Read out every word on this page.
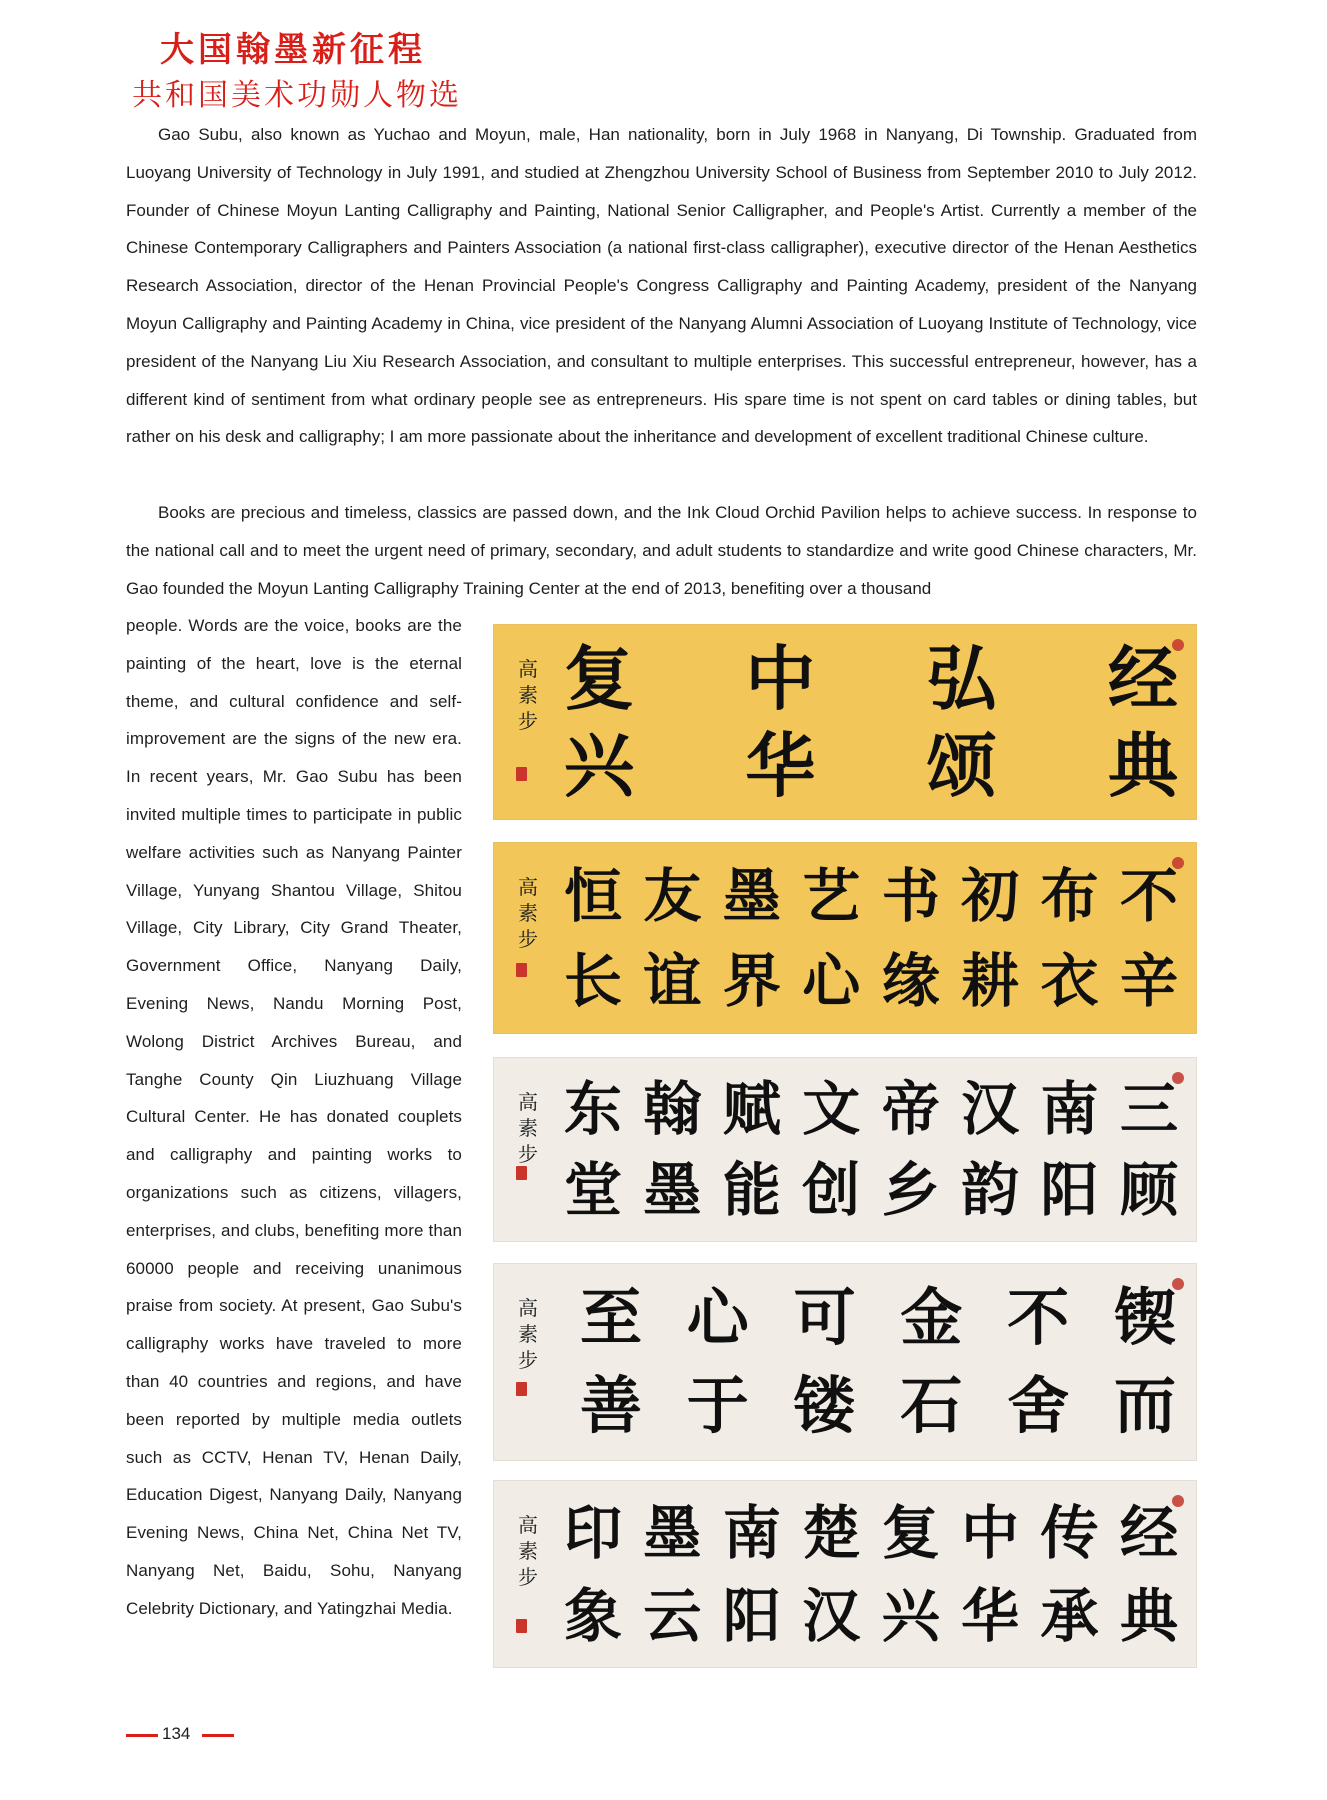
大国翰墨新征程
共和国美术功勋人物选

Gao Subu, also known as Yuchao and Moyun, male, Han nationality, born in July 1968 in Nanyang, Di Township. Graduated from Luoyang University of Technology in July 1991, and studied at Zhengzhou University School of Business from September 2010 to July 2012. Founder of Chinese Moyun Lanting Calligraphy and Painting, National Senior Calligrapher, and People's Artist. Currently a member of the Chinese Contemporary Calligraphers and Painters Association (a national first-class calligrapher), executive director of the Henan Aesthetics Research Association, director of the Henan Provincial People's Congress Calligraphy and Painting Academy, president of the Nanyang Moyun Calligraphy and Painting Academy in China, vice president of the Nanyang Alumni Association of Luoyang Institute of Technology, vice president of the Nanyang Liu Xiu Research Association, and consultant to multiple enterprises. This successful entrepreneur, however, has a different kind of sentiment from what ordinary people see as entrepreneurs. His spare time is not spent on card tables or dining tables, but rather on his desk and calligraphy; I am more passionate about the inheritance and development of excellent traditional Chinese culture.

Books are precious and timeless, classics are passed down, and the Ink Cloud Orchid Pavilion helps to achieve success. In response to the national call and to meet the urgent need of primary, secondary, and adult students to standardize and write good Chinese characters, Mr. Gao founded the Moyun Lanting Calligraphy Training Center at the end of 2013, benefiting over a thousand

people. Words are the voice, books are the painting of the heart, love is the eternal theme, and cultural confidence and self-improvement are the signs of the new era. In recent years, Mr. Gao Subu has been invited multiple times to participate in public welfare activities such as Nanyang Painter Village, Yunyang Shantou Village, Shitou Village, City Library, City Grand Theater, Government Office, Nanyang Daily, Evening News, Nandu Morning Post, Wolong District Archives Bureau, and Tanghe County Qin Liuzhuang Village Cultural Center. He has donated couplets and calligraphy and painting works to organizations such as citizens, villagers, enterprises, and clubs, benefiting more than 60000 people and receiving unanimous praise from society. At present, Gao Subu's calligraphy works have traveled to more than 40 countries and regions, and have been reported by multiple media outlets such as CCTV, Henan TV, Henan Daily, Education Digest, Nanyang Daily, Nanyang Evening News, China Net, China Net TV, Nanyang Net, Baidu, Sohu, Nanyang Celebrity Dictionary, and Yatingzhai Media.

经
典
弘
颂
中
华
复
兴
高
素
步
不
辛
布
衣
初
耕
书
缘
艺
心
墨
界
友
谊
恒
长
高
素
步
三
顾
南
阳
汉
韵
帝
乡
文
创
赋
能
翰
墨
东
堂
高
素
步
锲
而
不
舍
金
石
可
镂
心
于
至
善
高
素
步
经
典
传
承
中
华
复
兴
楚
汉
南
阳
墨
云
印
象
高
素
步
134
